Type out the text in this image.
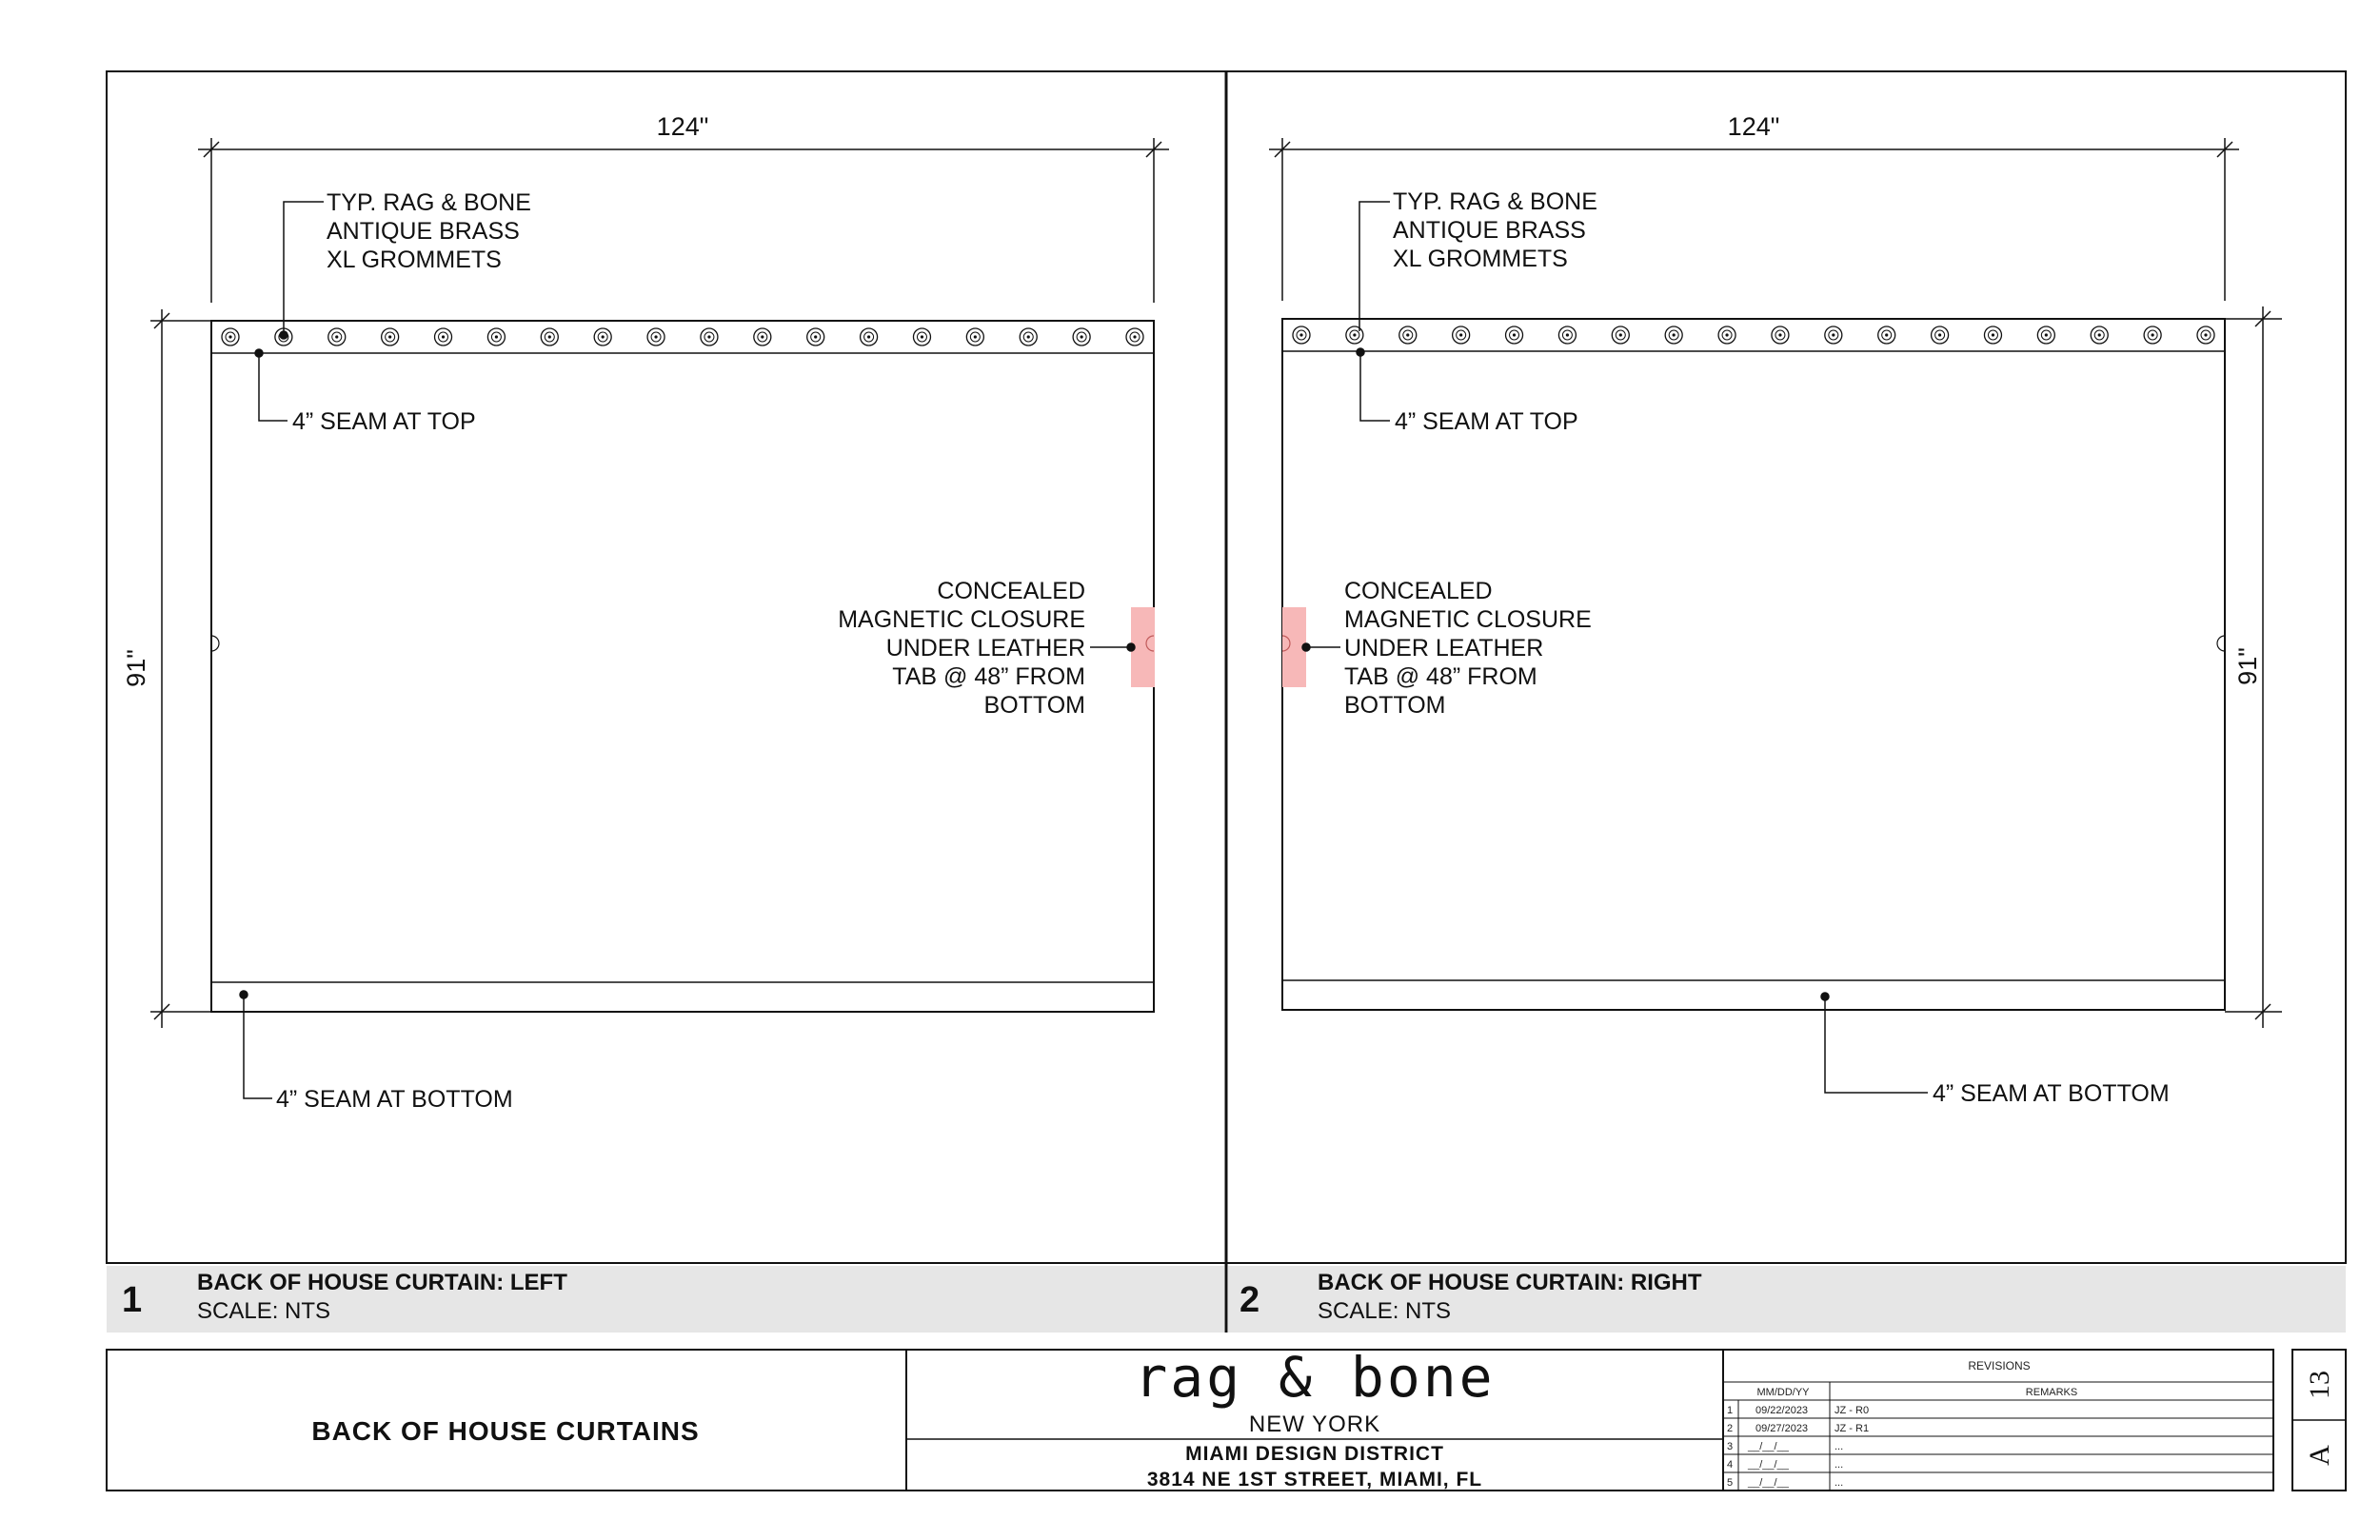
124"
91"
TYP. RAG & BONE ANTIQUE BRASS XL GROMMETS
4” SEAM AT TOP
4” SEAM AT BOTTOM
CONCEALED MAGNETIC CLOSURE UNDER LEATHER TAB @ 48” FROM BOTTOM
1 BACK OF HOUSE CURTAIN: LEFT
SCALE: NTS
124"
91"
TYP. RAG & BONE ANTIQUE BRASS XL GROMMETS
4” SEAM AT TOP
4” SEAM AT BOTTOM
CONCEALED MAGNETIC CLOSURE UNDER LEATHER TAB @ 48” FROM BOTTOM
2	BACK OF HOUSE CURTAIN: RIGHT
SCALE: NTS
BACK OF HOUSE CURTAINS
rag & bone
NEW YORK
MIAMI DESIGN DISTRICT
3814 NE 1ST STREET, MIAMI, FL
REVISIONS
MM/DD/YY	REMARKS
1 09/22/2023	JZ - R0
2 09/27/2023	JZ - R1
3 __/__/__	...
4 __/__/__	...
5 __/__/__	...
13
A
